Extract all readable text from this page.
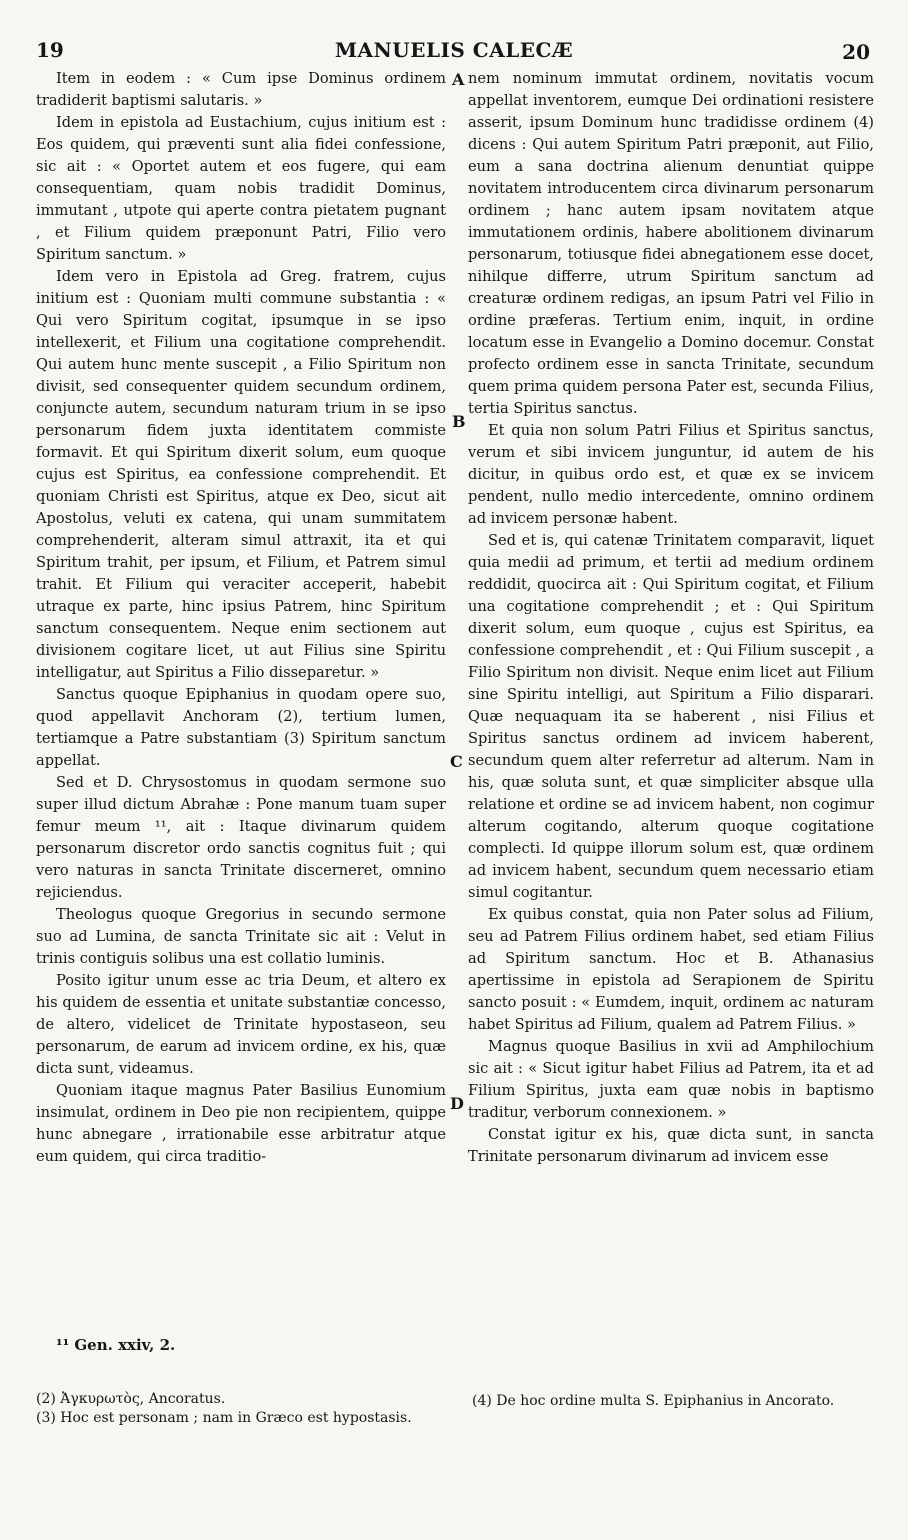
19	MANUELIS CALECÆ	20

Item in eodem : « Cum ipse Dominus ordinem tradiderit baptismi salutaris. »

Idem in epistola ad Eustachium, cujus initium est : Eos quidem, qui præventi sunt alia fidei confessione, sic ait : « Oportet autem et eos fugere, qui eam consequentiam, quam nobis tradidit Dominus, immutant , utpote qui aperte contra pietatem pugnant , et Filium quidem præponunt Patri, Filio vero Spiritum sanctum. »

Idem vero in Epistola ad Greg. fratrem, cujus initium est : Quoniam multi commune substantia : « Qui vero Spiritum cogitat, ipsumque in se ipso intellexerit, et Filium una cogitatione comprehendit. Qui autem hunc mente suscepit , a Filio Spiritum non divisit, sed consequenter quidem secundum ordinem, conjuncte autem, secundum naturam trium in se ipso personarum fidem juxta identitatem commiste formavit. Et qui Spiritum dixerit solum, eum quoque cujus est Spiritus, ea confessione comprehendit. Et quoniam Christi est Spiritus, atque ex Deo, sicut ait Apostolus, veluti ex catena, qui unam summitatem comprehenderit, alteram simul attraxit, ita et qui Spiritum trahit, per ipsum, et Filium, et Patrem simul trahit. Et Filium qui veraciter acceperit, habebit utraque ex parte, hinc ipsius Patrem, hinc Spiritum sanctum consequentem. Neque enim sectionem aut divisionem cogitare licet, ut aut Filius sine Spiritu intelligatur, aut Spiritus a Filio disseparetur. »

Sanctus quoque Epiphanius in quodam opere suo, quod appellavit Anchoram (2), tertium lumen, tertiamque a Patre substantiam (3) Spiritum sanctum appellat.

Sed et D. Chrysostomus in quodam sermone suo super illud dictum Abrahæ : Pone manum tuam super femur meum ¹¹, ait : Itaque divinarum quidem personarum discretor ordo sanctis cognitus fuit ; qui vero naturas in sancta Trinitate discerneret, omnino rejiciendus.

Theologus quoque Gregorius in secundo sermone suo ad Lumina, de sancta Trinitate sic ait : Velut in trinis contiguis solibus una est collatio luminis.

Posito igitur unum esse ac tria Deum, et altero ex his quidem de essentia et unitate substantiæ concesso, de altero, videlicet de Trinitate hypostaseon, seu personarum, de earum ad invicem ordine, ex his, quæ dicta sunt, videamus.

Quoniam itaque magnus Pater Basilius Eunomium insimulat, ordinem in Deo pie non recipientem, quippe hunc abnegare , irrationabile esse arbitratur atque eum quidem, qui circa traditio-

nem nominum immutat ordinem, novitatis vocum appellat inventorem, eumque Dei ordinationi resistere asserit, ipsum Dominum hunc tradidisse ordinem (4) dicens : Qui autem Spiritum Patri præponit, aut Filio, eum a sana doctrina alienum denuntiat quippe novitatem introducentem circa divinarum personarum ordinem ; hanc autem ipsam novitatem atque immutationem ordinis, habere abolitionem divinarum personarum, totiusque fidei abnegationem esse docet, nihilque differre, utrum Spiritum sanctum ad creaturæ ordinem redigas, an ipsum Patri vel Filio in ordine præferas. Tertium enim, inquit, in ordine locatum esse in Evangelio a Domino docemur. Constat profecto ordinem esse in sancta Trinitate, secundum quem prima quidem persona Pater est, secunda Filius, tertia Spiritus sanctus.

Et quia non solum Patri Filius et Spiritus sanctus, verum et sibi invicem junguntur, id autem de his dicitur, in quibus ordo est, et quæ ex se invicem pendent, nullo medio intercedente, omnino ordinem ad invicem personæ habent.

Sed et is, qui catenæ Trinitatem comparavit, liquet quia medii ad primum, et tertii ad medium ordinem reddidit, quocirca ait : Qui Spiritum cogitat, et Filium una cogitatione comprehendit ; et : Qui Spiritum dixerit solum, eum quoque , cujus est Spiritus, ea confessione comprehendit , et : Qui Filium suscepit , a Filio Spiritum non divisit. Neque enim licet aut Filium sine Spiritu intelligi, aut Spiritum a Filio disparari. Quæ nequaquam ita se haberent , nisi Filius et Spiritus sanctus ordinem ad invicem haberent, secundum quem alter referretur ad alterum. Nam in his, quæ soluta sunt, et quæ simpliciter absque ulla relatione et ordine se ad invicem habent, non cogimur alterum cogitando, alterum quoque cogitatione complecti. Id quippe illorum solum est, quæ ordinem ad invicem habent, secundum quem necessario etiam simul cogitantur.

Ex quibus constat, quia non Pater solus ad Filium, seu ad Patrem Filius ordinem habet, sed etiam Filius ad Spiritum sanctum. Hoc et B. Athanasius apertissime in epistola ad Serapionem de Spiritu sancto posuit : « Eumdem, inquit, ordinem ac naturam habet Spiritus ad Filium, qualem ad Patrem Filius. »

Magnus quoque Basilius in xvii ad Amphilochium sic ait : « Sicut igitur habet Filius ad Patrem, ita et ad Filium Spiritus, juxta eam quæ nobis in baptismo traditur, verborum connexionem. »

Constat igitur ex his, quæ dicta sunt, in sancta Trinitate personarum divinarum ad invicem esse

A
B
C
D
¹¹ Gen. xxiv, 2.

(2) Ἀγκυρωτὸς, Ancoratus.

(3) Hoc est personam ; nam in Græco est hypostasis.

(4) De hoc ordine multa S. Epiphanius in Ancorato.
